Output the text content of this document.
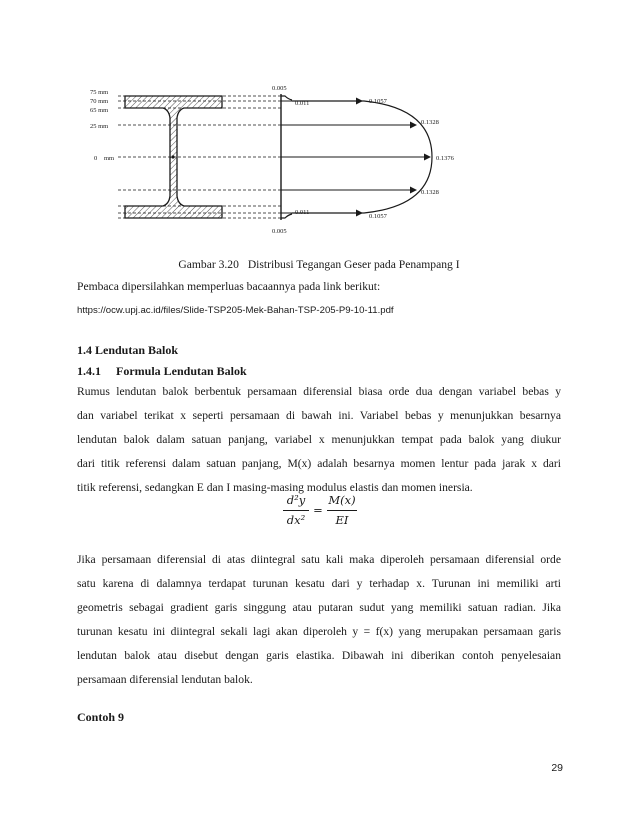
75 mm
70 mm
65 mm
25 mm
0 mm
0.005
0.011	0.1057
0.1328
0.1376
0.1328
0.1057
0.011
0.005
Gambar 3.20 Distribusi Tegangan Geser pada Penampang I
Pembaca dipersilahkan memperluas bacaannya pada link berikut:
https://ocw.upj.ac.id/files/Slide-TSP205-Mek-Bahan-TSP-205-P9-10-11.pdf
1.4 Lendutan Balok
1.4.1 Formula Lendutan Balok
Rumus lendutan balok berbentuk persamaan diferensial biasa orde dua dengan variabel bebas y
dan variabel terikat x seperti persamaan di bawah ini. Variabel bebas y menunjukkan besarnya
lendutan balok dalam satuan panjang, variabel x menunjukkan tempat pada balok yang diukur
dari titik referensi dalam satuan panjang, M(x) adalah besarnya momen lentur pada jarak x dari
titik referensi, sedangkan E dan I masing-masing modulus elastis dan momen inersia.
d²y
dx²
=
M(x)
EI
Jika persamaan diferensial di atas diintegral satu kali maka diperoleh persamaan diferensial orde
satu karena di dalamnya terdapat turunan kesatu dari y terhadap x. Turunan ini memiliki arti
geometris sebagai gradient garis singgung atau putaran sudut yang memiliki satuan radian. Jika
turunan kesatu ini diintegral sekali lagi akan diperoleh y = f(x) yang merupakan persamaan garis
lendutan balok atau disebut dengan garis elastika. Dibawah ini diberikan contoh penyelesaian
persamaan diferensial lendutan balok.
Contoh 9
29
